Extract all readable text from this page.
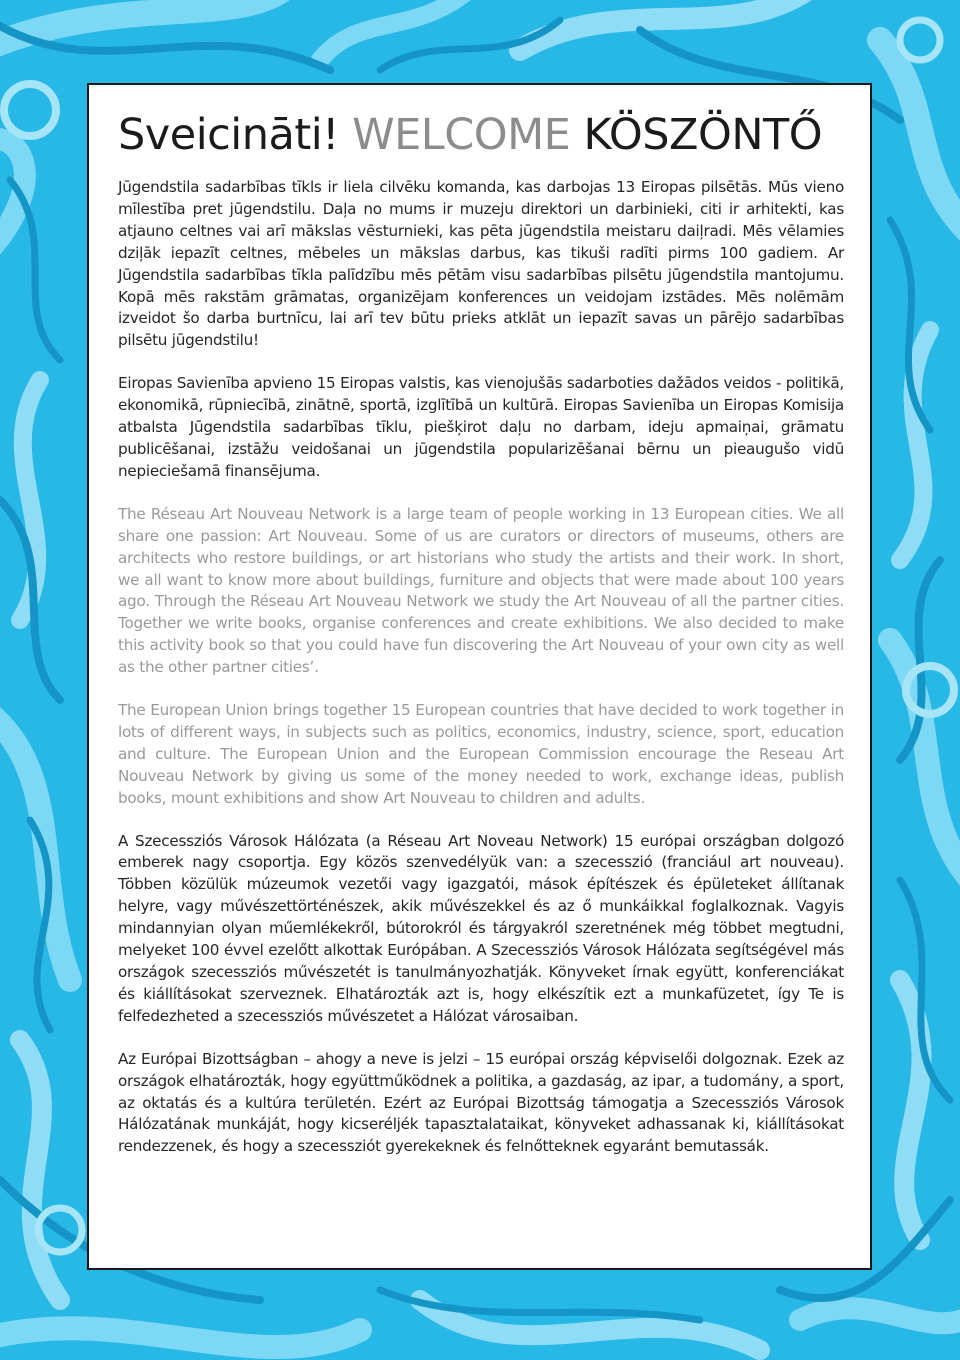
Sveicināti! WELCOME KÖSZÖNTŐ

Jūgendstila sadarbības tīkls ir liela cilvēku komanda, kas darbojas 13 Eiropas pilsētās. Mūs vieno mīlestība pret jūgendstilu. Daļa no mums ir muzeju direktori un darbinieki, citi ir arhitekti, kas atjauno celtnes vai arī mākslas vēsturnieki, kas pēta jūgendstila meistaru daiļradi. Mēs vēlamies dziļāk iepazīt celtnes, mēbeles un mākslas darbus, kas tikuši radīti pirms 100 gadiem. Ar Jūgendstila sadarbības tīkla palīdzību mēs pētām visu sadarbības pilsētu jūgendstila mantojumu. Kopā mēs rakstām grāmatas, organizējam konferences un veidojam izstādes. Mēs nolēmām izveidot šo darba burtnīcu, lai arī tev būtu prieks atklāt un iepazīt savas un pārējo sadarbības pilsētu jūgendstilu!

Eiropas Savienība apvieno 15 Eiropas valstis, kas vienojušās sadarboties dažādos veidos - politikā, ekonomikā, rūpniecībā, zinātnē, sportā, izglītībā un kultūrā. Eiropas Savienība un Eiropas Komisija atbalsta Jūgendstila sadarbības tīklu, piešķirot daļu no darbam, ideju apmaiņai, grāmatu publicēšanai, izstāžu veidošanai un jūgendstila popularizēšanai bērnu un pieaugušo vidū nepieciešamā finansējuma.

The Réseau Art Nouveau Network is a large team of people working in 13 European cities. We all share one passion: Art Nouveau. Some of us are curators or directors of museums, others are architects who restore buildings, or art historians who study the artists and their work. In short, we all want to know more about buildings, furniture and objects that were made about 100 years ago. Through the Réseau Art Nouveau Network we study the Art Nouveau of all the partner cities. Together we write books, organise conferences and create exhibitions. We also decided to make this activity book so that you could have fun discovering the Art Nouveau of your own city as well as the other partner cities’.

The European Union brings together 15 European countries that have decided to work together in lots of different ways, in subjects such as politics, economics, industry, science, sport, education and culture. The European Union and the European Commission encourage the Reseau Art Nouveau Network by giving us some of the money needed to work, exchange ideas, publish books, mount exhibitions and show Art Nouveau to children and adults.

A Szecessziós Városok Hálózata (a Réseau Art Noveau Network) 15 európai országban dolgozó emberek nagy csoportja. Egy közös szenvedélyük van: a szecesszió (franciául art nouveau). Többen közülük múzeumok vezetői vagy igazgatói, mások építészek és épületeket állítanak helyre, vagy művészettörténészek, akik művészekkel és az ő munkáikkal foglalkoznak. Vagyis mindannyian olyan műemlékekről, bútorokról és tárgyakról szeretnének még többet megtudni, melyeket 100 évvel ezelőtt alkottak Európában. A Szecessziós Városok Hálózata segítségével más országok szecessziós művészetét is tanulmányozhatják. Könyveket írnak együtt, konferenciákat és kiállításokat szerveznek. Elhatározták azt is, hogy elkészítik ezt a munkafüzetet, így Te is felfedezheted a szecessziós művészetet a Hálózat városaiban.

Az Európai Bizottságban – ahogy a neve is jelzi – 15 európai ország képviselői dolgoznak. Ezek az országok elhatározták, hogy együttműködnek a politika, a gazdaság, az ipar, a tudomány, a sport, az oktatás és a kultúra területén. Ezért az Európai Bizottság támogatja a Szecessziós Városok Hálózatának munkáját, hogy kicseréljék tapasztalataikat, könyveket adhassanak ki, kiállításokat rendezzenek, és hogy a szecessziót gyerekeknek és felnőtteknek egyaránt bemutassák.
